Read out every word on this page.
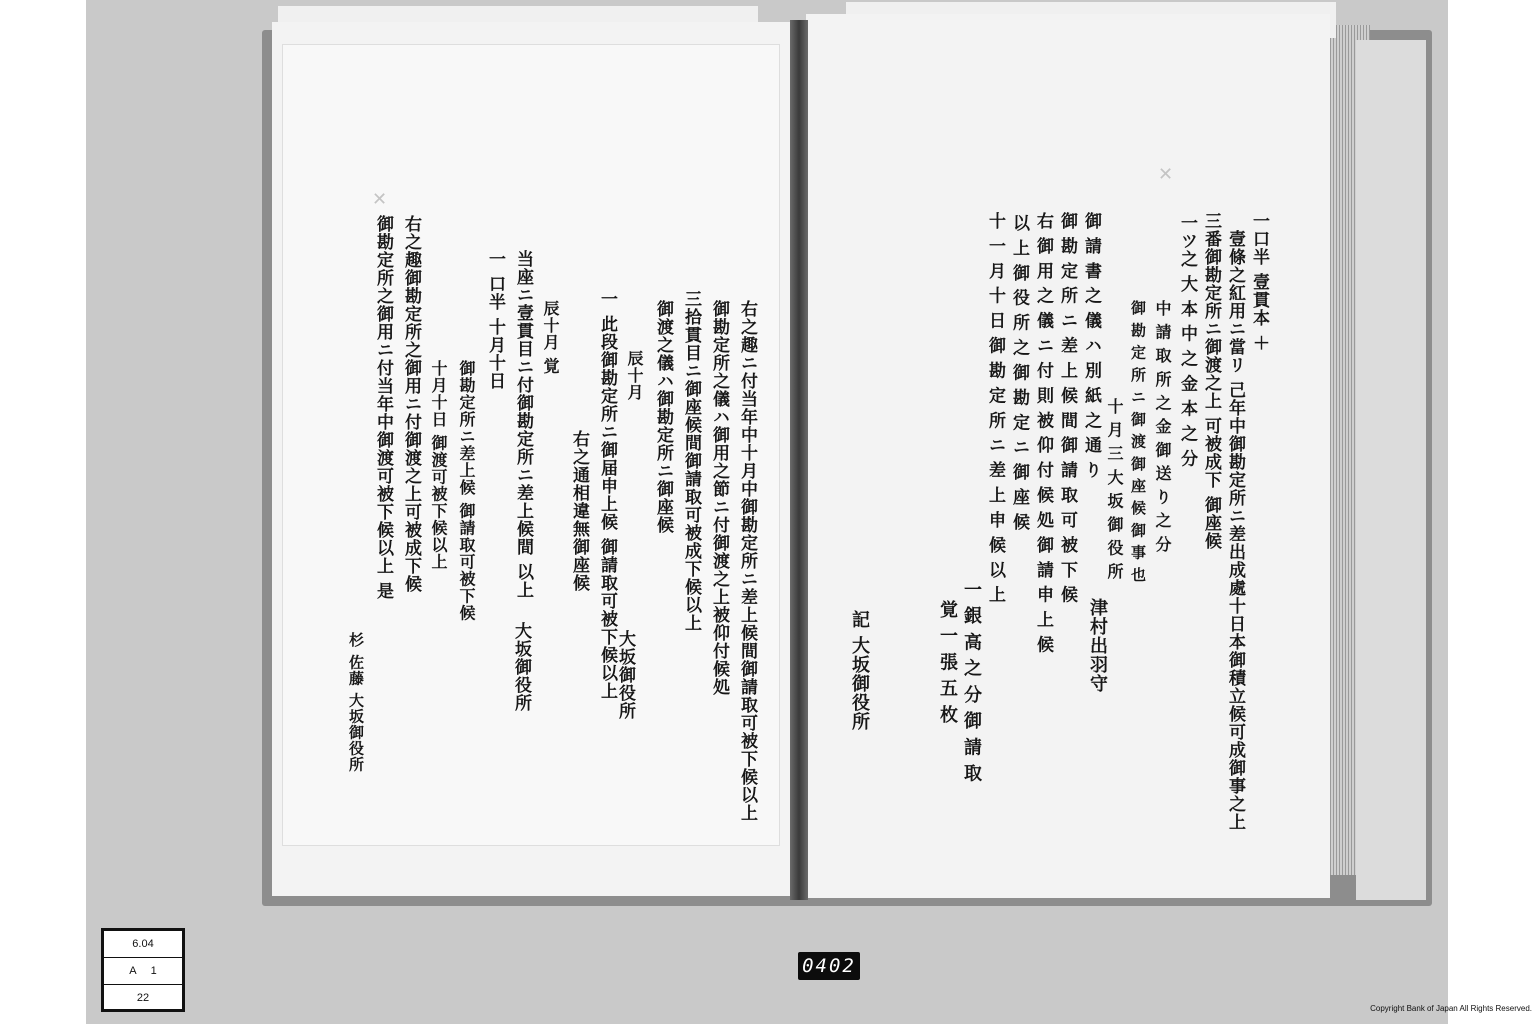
✕
✕
一口半 壹貫本 ＋
壹條之紅用ニ當リ 己年中御勘定所ニ差出成處十日本御積立候可成御事之上
三番御勘定所ニ御渡之上 可被成下 御座候
一ツ之 大 本 中 之 金 本 之 分
中 請 取 所 之 金 御 送 り 之 分
御 勘 定 所 ニ 御 渡 御 座 候 御 事 也
十 月 三 大 坂 御 役 所
御 請 書 之 儀 ハ 別 紙 之 通 り
御 勘 定 所 ニ 差 上 候 間 御 請 取 可 被 下 候
右 御 用 之 儀 ニ 付 則 被 仰 付 候 処 御 請 申 上 候
以 上 御 役 所 之 御 勘 定 ニ 御 座 候
十 一 月 十 日 御 勘 定 所 ニ 差 上 申 候 以 上
一 銀 高 之 分 御 請 取
覚 一 張 五 枚
右之趣ニ付当年中十月中御勘定所ニ差上候間御請取可被下候以上
御勘定所之儀ハ御用之節ニ付御渡之上被仰付候処
三拾貫目ニ御座候間御請取可被成下候以上
御渡之儀ハ御勘定所ニ御座候
辰十月
一 此段御勘定所ニ御届申上候 御請取可被下候以上
右之通相違無御座候
辰十月 覚
当座ニ壹貫目ニ付御勘定所ニ差上候間 以上
一 口半 十月十日
御勘定所ニ差上候 御請取可被下候
十月十日 御渡可被下候以上
右之趣御勘定所之御用ニ付御渡之上可被成下候
御勘定所之御用ニ付当年中御渡可被下候以上 是
津村出羽守
記 大坂御役所
大坂御役所
大坂御役所
杉 佐藤 大坂御役所
6.04
A 1
22
0402
Copyright Bank of Japan All Rights Reserved.
